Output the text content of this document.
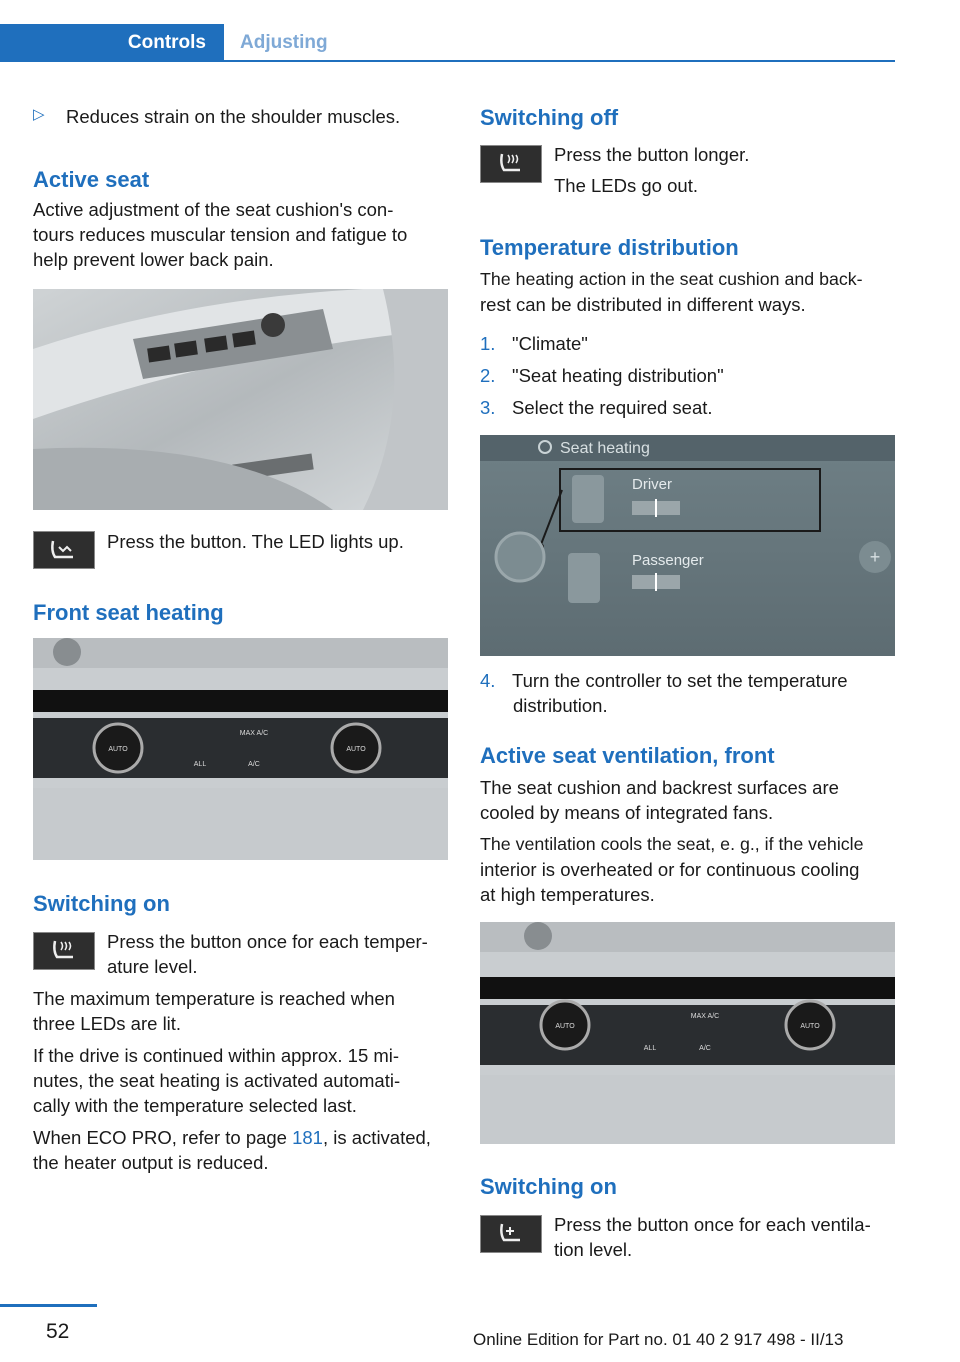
Controls	Adjusting
▷ Reduces strain on the shoulder muscles.

Active seat

Active adjustment of the seat cushion's con-

tours reduces muscular tension and fatigue to

help prevent lower back pain.

Press the button. The LED lights up.

Front seat heating
AUTO	AUTO
MAX A/C
ALL	A/C
Switching on

Press the button once for each temper-

ature level.

The maximum temperature is reached when

three LEDs are lit.

If the drive is continued within approx. 15 mi-

nutes, the seat heating is activated automati-

cally with the temperature selected last.

When ECO PRO, refer to page 181, is activated,

the heater output is reduced.

Switching off

Press the button longer.

The LEDs go out.

Temperature distribution

The heating action in the seat cushion and back-

rest can be distributed in different ways.

1. "Climate"

2. "Seat heating distribution"

3. Select the required seat.

Seat heating
Driver
Passenger	+

4. Turn the controller to set the temperature

distribution.

Active seat ventilation, front

The seat cushion and backrest surfaces are

cooled by means of integrated fans.

The ventilation cools the seat, e. g., if the vehicle

interior is overheated or for continuous cooling

at high temperatures.

AUTO	AUTO
MAX A/C
ALL	A/C
Switching on

Press the button once for each ventila-

tion level.

52	Online Edition for Part no. 01 40 2 917 498 - II/13
